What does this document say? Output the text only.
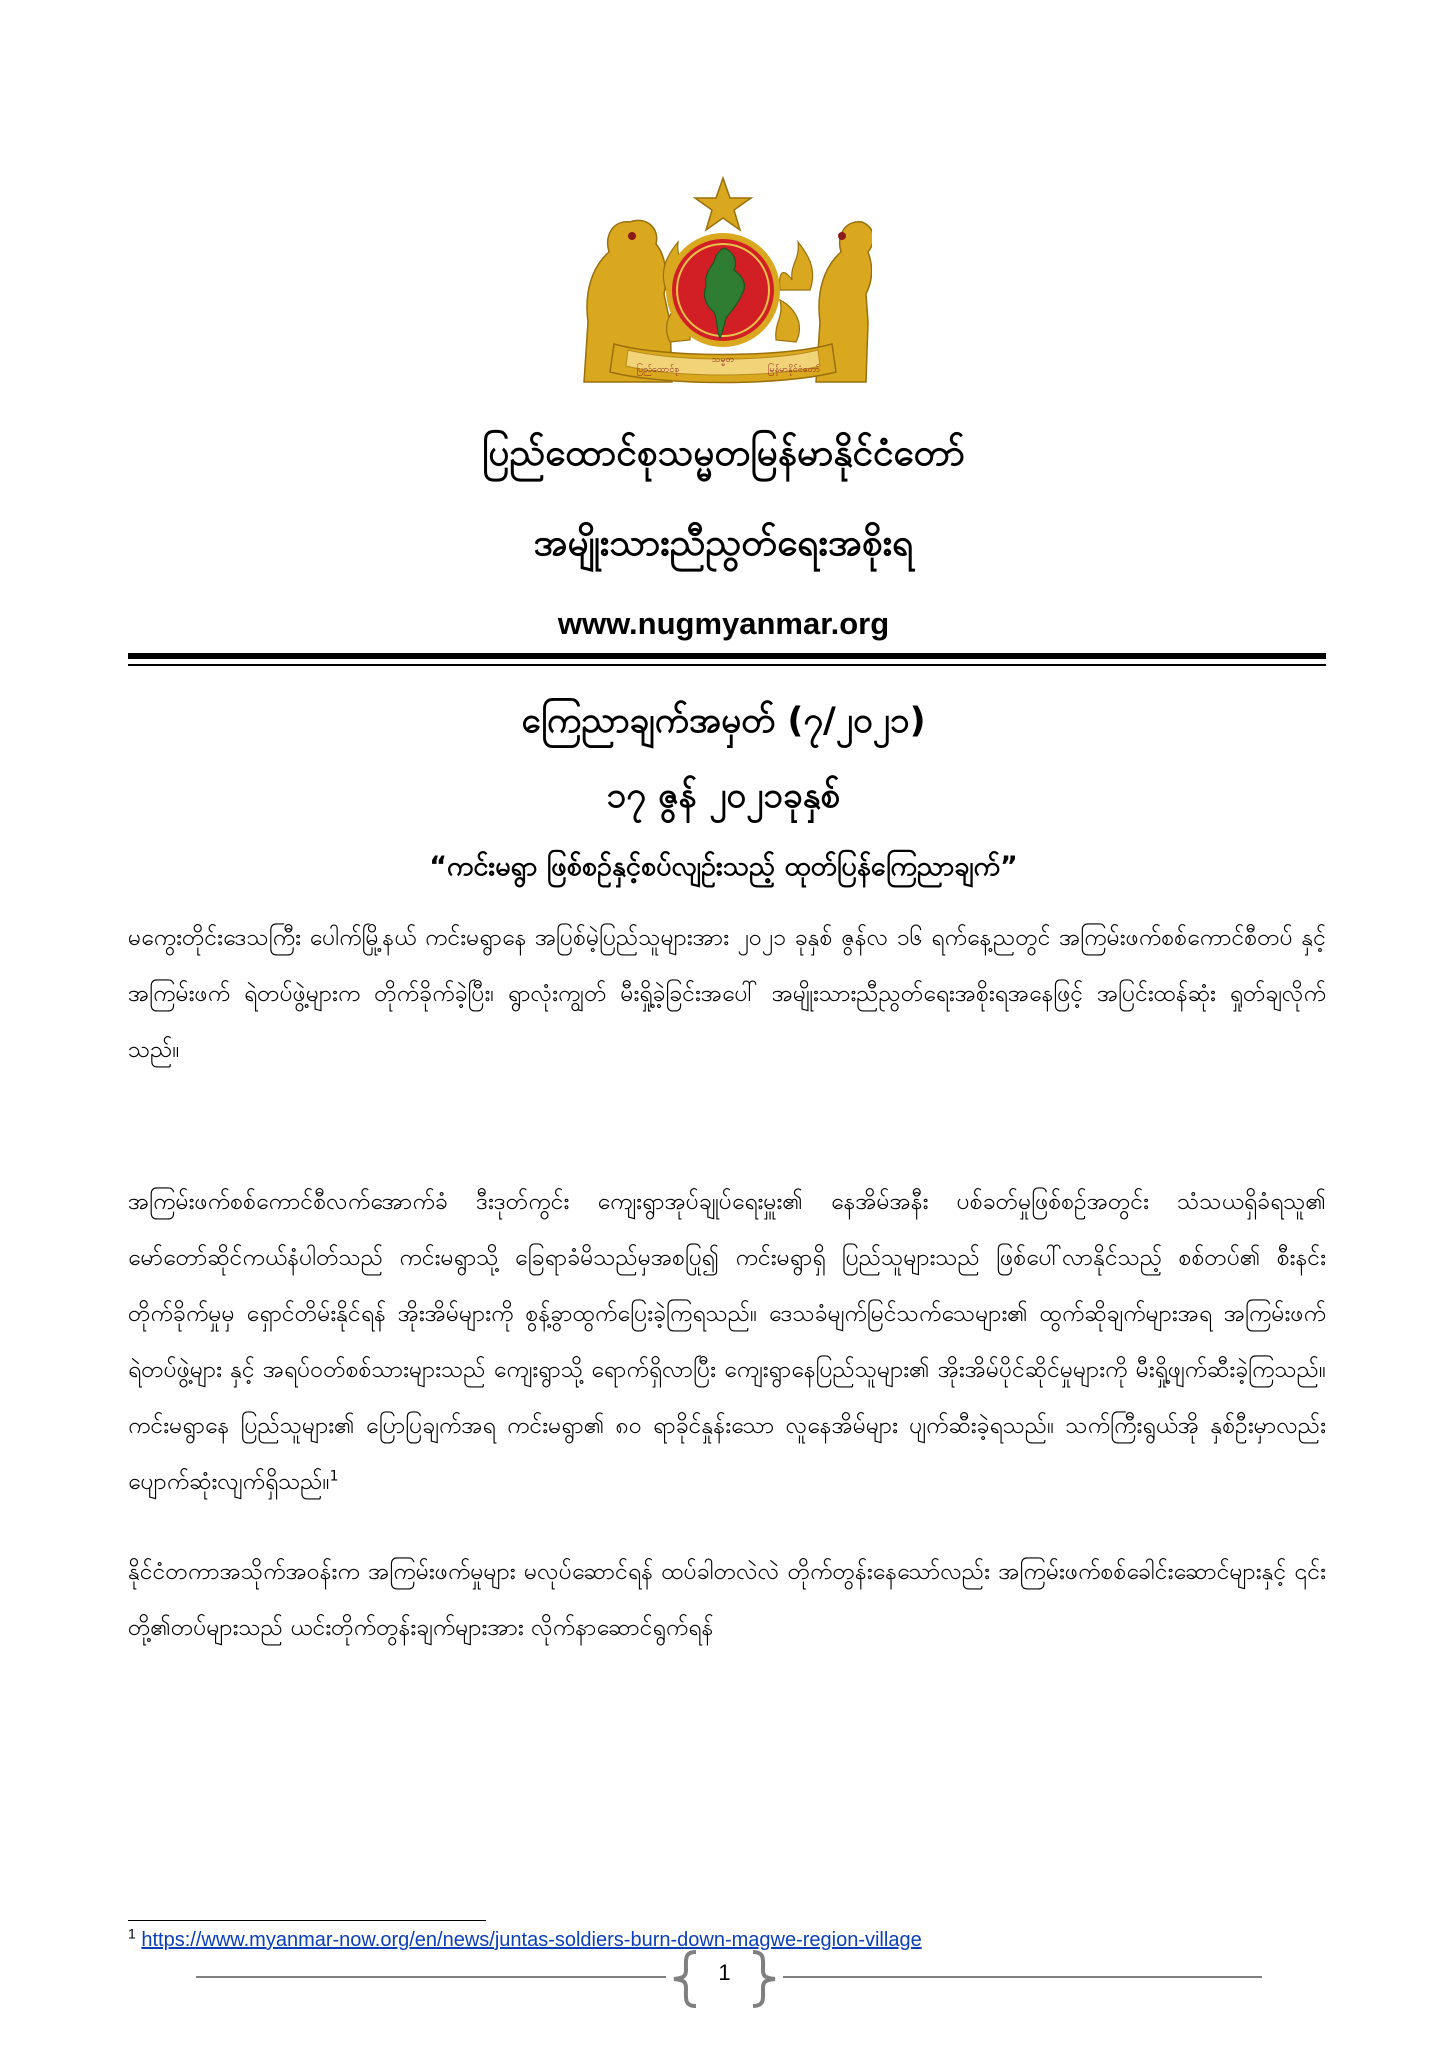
ပြည်ထောင်စု
သမ္မတ
မြန်မာနိုင်ငံတော်
ပြည်ထောင်စုသမ္မတမြန်မာနိုင်ငံတော်
အမျိုးသားညီညွတ်ရေးအစိုးရ
www.nugmyanmar.org
ကြေညာချက်အမှတ် (၇/၂၀၂၁)
၁၇ ဇွန် ၂၀၂၁ခုနှစ်
“ကင်းမရွာ ဖြစ်စဉ်နှင့်စပ်လျဉ်းသည့် ထုတ်ပြန်ကြေညာချက်”

မကွေးတိုင်းဒေသကြီး ပေါက်မြို့နယ် ကင်းမရွာနေ အပြစ်မဲ့ပြည်သူများအား ၂၀၂၁ ခုနှစ် ဇွန်လ ၁၆ ရက်နေ့ညတွင် အကြမ်းဖက်စစ်ကောင်စီတပ် နှင့် အကြမ်းဖက် ရဲတပ်ဖွဲ့များက တိုက်ခိုက်ခဲ့ပြီး၊ ရွာလုံးကျွတ် မီးရှို့ခဲ့ခြင်းအပေါ် အမျိုးသားညီညွတ်ရေးအစိုးရအနေဖြင့် အပြင်းထန်ဆုံး ရှုတ်ချလိုက်သည်။

အကြမ်းဖက်စစ်ကောင်စီလက်အောက်ခံ ဒီးဒုတ်ကွင်း ကျေးရွာအုပ်ချုပ်ရေးမှူး၏ နေအိမ်အနီး ပစ်ခတ်မှုဖြစ်စဉ်အတွင်း သံသယရှိခံရသူ၏ မော်တော်ဆိုင်ကယ်နံပါတ်သည် ကင်းမရွာသို့ ခြေရာခံမိသည်မှအစပြု၍ ကင်းမရွာရှိ ပြည်သူများသည် ဖြစ်ပေါ်လာနိုင်သည့် စစ်တပ်၏ စီးနင်းတိုက်ခိုက်မှုမှ ရှောင်တိမ်းနိုင်ရန် အိုးအိမ်များကို စွန့်ခွာထွက်ပြေးခဲ့ကြရသည်။ ဒေသခံမျက်မြင်သက်သေများ၏ ထွက်ဆိုချက်များအရ အကြမ်းဖက် ရဲတပ်ဖွဲ့များ နှင့် အရပ်ဝတ်စစ်သားများသည် ကျေးရွာသို့ ရောက်ရှိလာပြီး ကျေးရွာနေပြည်သူများ၏ အိုးအိမ်ပိုင်ဆိုင်မှုများကို မီးရှို့ဖျက်ဆီးခဲ့ကြသည်။ ကင်းမရွာနေ ပြည်သူများ၏ ပြောပြချက်အရ ကင်းမရွာ၏ ၈၀ ရာခိုင်နှုန်းသော လူနေအိမ်များ ပျက်ဆီးခဲ့ရသည်။ သက်ကြီးရွယ်အို နှစ်ဦးမှာလည်း ပျောက်ဆုံးလျက်ရှိသည်။$^1$

နိုင်ငံတကာအသိုက်အဝန်းက အကြမ်းဖက်မှုများ မလုပ်ဆောင်ရန် ထပ်ခါတလဲလဲ တိုက်တွန်းနေသော်လည်း အကြမ်းဖက်စစ်ခေါင်းဆောင်များနှင့် ၎င်းတို့၏တပ်များသည် ယင်းတိုက်တွန်းချက်များအား လိုက်နာဆောင်ရွက်ရန်

$^1$ https://www.myanmar-now.org/en/news/juntas-soldiers-burn-down-magwe-region-village
1
